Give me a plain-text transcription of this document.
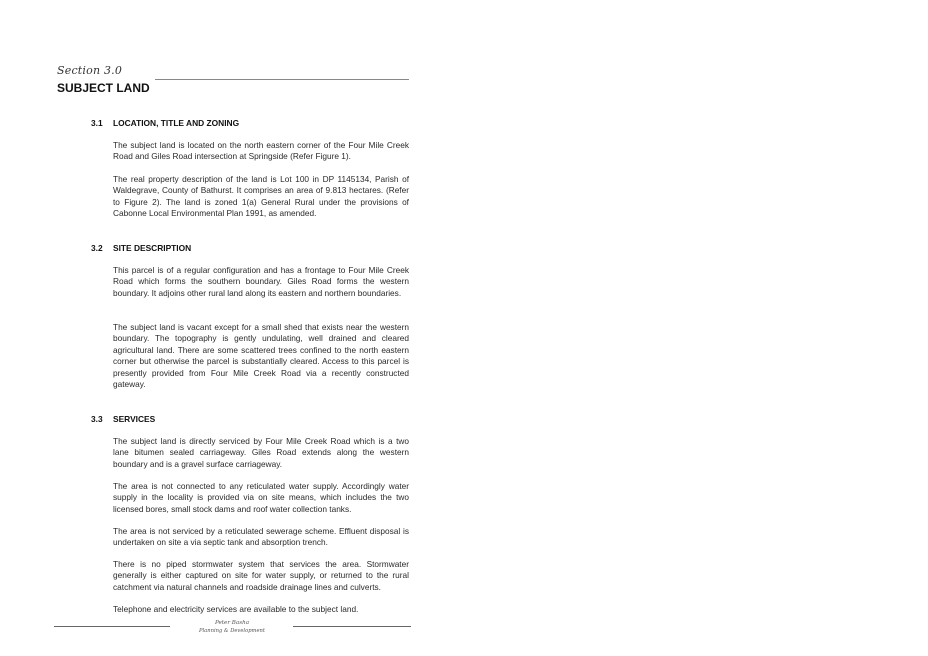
Section 3.0
SUBJECT LAND
3.1 LOCATION, TITLE AND ZONING

The subject land is located on the north eastern corner of the Four Mile Creek Road and Giles Road intersection at Springside (Refer Figure 1).

The real property description of the land is Lot 100 in DP 1145134, Parish of Waldegrave, County of Bathurst. It comprises an area of 9.813 hectares. (Refer to Figure 2). The land is zoned 1(a) General Rural under the provisions of Cabonne Local Environmental Plan 1991, as amended.

3.2 SITE DESCRIPTION

This parcel is of a regular configuration and has a frontage to Four Mile Creek Road which forms the southern boundary. Giles Road forms the western boundary. It adjoins other rural land along its eastern and northern boundaries.

The subject land is vacant except for a small shed that exists near the western boundary. The topography is gently undulating, well drained and cleared agricultural land. There are some scattered trees confined to the north eastern corner but otherwise the parcel is substantially cleared. Access to this parcel is presently provided from Four Mile Creek Road via a recently constructed gateway.

3.3 SERVICES

The subject land is directly serviced by Four Mile Creek Road which is a two lane bitumen sealed carriageway. Giles Road extends along the western boundary and is a gravel surface carriageway.

The area is not connected to any reticulated water supply. Accordingly water supply in the locality is provided via on site means, which includes the two licensed bores, small stock dams and roof water collection tanks.

The area is not serviced by a reticulated sewerage scheme. Effluent disposal is undertaken on site a via septic tank and absorption trench.

There is no piped stormwater system that services the area. Stormwater generally is either captured on site for water supply, or returned to the rural catchment via natural channels and roadside drainage lines and culverts.

Telephone and electricity services are available to the subject land.

Peter Basha
Planning & Development
